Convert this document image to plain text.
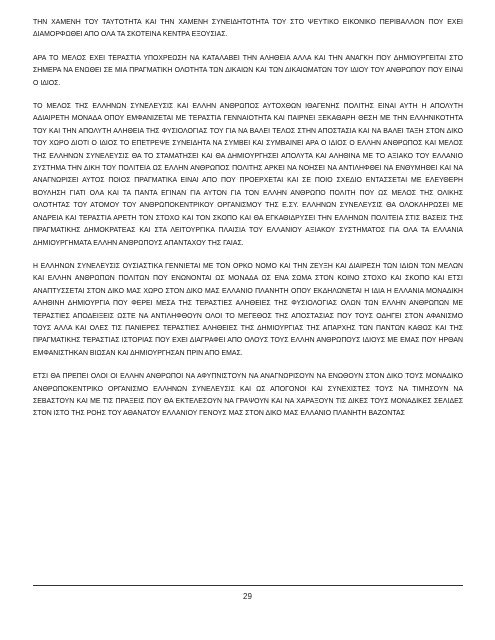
ΤΗΝ ΧΑΜΕΝΗ ΤΟΥ ΤΑΥΤΟΤΗΤΑ ΚΑΙ ΤΗΝ ΧΑΜΕΝΗ ΣΥΝΕΙΔΗΤΟΤΗΤΑ ΤΟΥ ΣΤΟ ΨΕΥΤΙΚΟ ΕΙΚΟΝΙΚΟ ΠΕΡΙΒΑΛΛΟΝ ΠΟΥ ΕΧΕΙ ΔΙΑΜΟΡΦΩΘΕΙ ΑΠΟ ΟΛΑ ΤΑ ΣΚΟΤΕΙΝΑ ΚΕΝΤΡΑ ΕΞΟΥΣΙΑΣ.

ΑΡΑ ΤΟ ΜΕΛΟΣ ΕΧΕΙ ΤΕΡΑΣΤΙΑ ΥΠΟΧΡΕΩΣΗ ΝΑ ΚΑΤΑΛΑΒΕΙ ΤΗΝ ΑΛΗΘΕΙΑ ΑΛΛΑ ΚΑΙ ΤΗΝ ΑΝΑΓΚΗ ΠΟΥ ΔΗΜΙΟΥΡΓΕΙΤΑΙ ΣΤΟ ΣΗΜΕΡΑ ΝΑ ΕΝΩΘΕΙ ΣΕ ΜΙΑ ΠΡΑΓΜΑΤΙΚΗ ΟΛΟΤΗΤΑ ΤΩΝ ΔΙΚΑΙΩΝ ΚΑΙ ΤΩΝ ΔΙΚΑΙΩΜΑΤΩΝ ΤΟΥ ΙΔΙΟΥ ΤΟΥ ΑΝΘΡΩΠΟΥ ΠΟΥ ΕΙΝΑΙ Ο ΙΔΙΟΣ.

ΤΟ ΜΕΛΟΣ ΤΗΣ ΕΛΛΗΝΩΝ ΣΥΝΕΛΕΥΣΙΣ ΚΑΙ ΕΛΛΗΝ ΑΝΘΡΩΠΟΣ ΑΥΤΟΧΘΩΝ ΙΘΑΓΕΝΗΣ ΠΟΛΙΤΗΣ ΕΙΝΑΙ ΑΥΤΗ Η ΑΠΟΛΥΤΗ ΑΔΙΑΙΡΕΤΗ ΜΟΝΑΔΑ ΟΠΟΥ ΕΜΦΑΝΙΖΕΤΑΙ ΜΕ ΤΕΡΑΣΤΙΑ ΓΕΝΝΑΙΟΤΗΤΑ ΚΑΙ ΠΑΙΡΝΕΙ ΞΕΚΑΘΑΡΗ ΘΕΣΗ ΜΕ ΤΗΝ ΕΛΛΗΝΙΚΟΤΗΤΑ ΤΟΥ ΚΑΙ ΤΗΝ ΑΠΟΛΥΤΗ ΑΛΗΘΕΙΑ ΤΗΣ ΦΥΣΙΟΛΟΓΙΑΣ ΤΟΥ ΓΙΑ ΝΑ ΒΑΛΕΙ ΤΕΛΟΣ ΣΤΗΝ ΑΠΟΣΤΑΣΙΑ ΚΑΙ ΝΑ ΒΑΛΕΙ ΤΑΞΗ ΣΤΟΝ ΔΙΚΟ ΤΟΥ ΧΩΡΟ ΔΙΟΤΙ Ο ΙΔΙΟΣ ΤΟ ΕΠΕΤΡΕΨΕ ΣΥΝΕΙΔΗΤΑ ΝΑ ΣΥΜΒΕΙ ΚΑΙ ΣΥΜΒΑΙΝΕΙ ΑΡΑ Ο ΙΔΙΟΣ Ο ΕΛΛΗΝ ΑΝΘΡΩΠΟΣ ΚΑΙ ΜΕΛΟΣ ΤΗΣ ΕΛΛΗΝΩΝ ΣΥΝΕΛΕΥΣΙΣ ΘΑ ΤΟ ΣΤΑΜΑΤΗΣΕΙ ΚΑΙ ΘΑ ΔΗΜΙΟΥΡΓΗΣΕΙ ΑΠΟΛΥΤΑ ΚΑΙ ΑΛΗΘΙΝΑ ΜΕ ΤΟ ΑΞΙΑΚΟ ΤΟΥ ΕΛΛΑΝΙΟ ΣΥΣΤΗΜΑ ΤΗΝ ΔΙΚΗ ΤΟΥ ΠΟΛΙΤΕΙΑ ΩΣ ΕΛΛΗΝ ΑΝΘΡΩΠΟΣ ΠΟΛΙΤΗΣ ΑΡΚΕΙ ΝΑ ΝΟΗΣΕΙ ΝΑ ΑΝΤΙΛΗΦΘΕΙ ΝΑ ΕΝΘΥΜΗΘΕΙ ΚΑΙ ΝΑ ΑΝΑΓΝΩΡΙΣΕΙ ΑΥΤΟΣ ΠΟΙΟΣ ΠΡΑΓΜΑΤΙΚΑ ΕΙΝΑΙ ΑΠΟ ΠΟΥ ΠΡΟΕΡΧΕΤΑΙ ΚΑΙ ΣΕ ΠΟΙΟ ΣΧΕΔΙΟ ΕΝΤΑΣΣΕΤΑΙ ΜΕ ΕΛΕΥΘΕΡΗ ΒΟΥΛΗΣΗ ΓΙΑΤΙ ΟΛΑ ΚΑΙ ΤΑ ΠΑΝΤΑ ΕΓΙΝΑΝ ΓΙΑ ΑΥΤΟΝ ΓΙΑ ΤΟΝ ΕΛΛΗΝ ΑΝΘΡΩΠΟ ΠΟΛΙΤΗ ΠΟΥ ΩΣ ΜΕΛΟΣ ΤΗΣ ΟΛΙΚΗΣ ΟΛΟΤΗΤΑΣ ΤΟΥ ΑΤΟΜΟΥ ΤΟΥ ΑΝΘΡΩΠΟΚΕΝΤΡΙΚΟΥ ΟΡΓΑΝΙΣΜΟΥ ΤΗΣ Ε.ΣΥ. ΕΛΛΗΝΩΝ ΣΥΝΕΛΕΥΣΙΣ ΘΑ ΟΛΟΚΛΗΡΩΣΕΙ ΜΕ ΑΝΔΡΕΙΑ ΚΑΙ ΤΕΡΑΣΤΙΑ ΑΡΕΤΗ ΤΟΝ ΣΤΟΧΟ ΚΑΙ ΤΟΝ ΣΚΟΠΟ ΚΑΙ ΘΑ ΕΓΚΑΘΙΔΡΥΣΕΙ ΤΗΝ ΕΛΛΗΝΩΝ ΠΟΛΙΤΕΙΑ ΣΤΙΣ ΒΑΣΕΙΣ ΤΗΣ ΠΡΑΓΜΑΤΙΚΗΣ ΔΗΜΟΚΡΑΤΕΑΣ ΚΑΙ ΣΤΑ ΛΕΙΤΟΥΡΓΙΚΑ ΠΛΑΙΣΙΑ ΤΟΥ ΕΛΛΑΝΙΟΥ ΑΞΙΑΚΟΥ ΣΥΣΤΗΜΑΤΟΣ ΓΙΑ ΟΛΑ ΤΑ ΕΛΛΑΝΙΑ ΔΗΜΙΟΥΡΓΗΜΑΤΑ ΕΛΛΗΝ ΑΝΘΡΩΠΟΥΣ ΑΠΑΝΤΑΧΟΥ ΤΗΣ ΓΑΙΑΣ.

Η ΕΛΛΗΝΩΝ ΣΥΝΕΛΕΥΣΙΣ ΟΥΣΙΑΣΤΙΚΑ ΓΕΝΝΙΕΤΑΙ ΜΕ ΤΟΝ ΟΡΚΟ ΝΟΜΟ ΚΑΙ ΤΗΝ ΖΕΥΞΗ ΚΑΙ ΔΙΑΙΡΕΣΗ ΤΩΝ ΙΔΙΩΝ ΤΩΝ ΜΕΛΩΝ ΚΑΙ ΕΛΛΗΝ ΑΝΘΡΩΠΩΝ ΠΟΛΙΤΩΝ ΠΟΥ ΕΝΩΝΟΝΤΑΙ ΩΣ ΜΟΝΑΔΑ ΩΣ ΕΝΑ ΣΩΜΑ ΣΤΟΝ ΚΟΙΝΟ ΣΤΟΧΟ ΚΑΙ ΣΚΟΠΟ ΚΑΙ ΕΤΣΙ ΑΝΑΠΤΥΣΣΕΤΑΙ ΣΤΟΝ ΔΙΚΟ ΜΑΣ ΧΩΡΟ ΣΤΟΝ ΔΙΚΟ ΜΑΣ ΕΛΛΑΝΙΟ ΠΛΑΝΗΤΗ ΟΠΟΥ ΕΚΔΗΛΩΝΕΤΑΙ Η ΙΔΙΑ Η ΕΛΛΑΝΙΑ ΜΟΝΑΔΙΚΗ ΑΛΗΘΙΝΗ ΔΗΜΙΟΥΡΓΙΑ ΠΟΥ ΦΕΡΕΙ ΜΕΣΑ ΤΗΣ ΤΕΡΑΣΤΙΕΣ ΑΛΗΘΕΙΕΣ ΤΗΣ ΦΥΣΙΟΛΟΓΙΑΣ ΟΛΩΝ ΤΩΝ ΕΛΛΗΝ ΑΝΘΡΩΠΩΝ ΜΕ ΤΕΡΑΣΤΙΕΣ ΑΠΟΔΕΙΞΕΙΣ ΩΣΤΕ ΝΑ ΑΝΤΙΛΗΦΘΟΥΝ ΟΛΟΙ ΤΟ ΜΕΓΕΘΟΣ ΤΗΣ ΑΠΟΣΤΑΣΙΑΣ ΠΟΥ ΤΟΥΣ ΟΔΗΓΕΙ ΣΤΟΝ ΑΦΑΝΙΣΜΟ ΤΟΥΣ ΑΛΛΑ ΚΑΙ ΟΛΕΣ ΤΙΣ ΠΑΝΙΕΡΕΣ ΤΕΡΑΣΤΙΕΣ ΑΛΗΘΕΙΕΣ ΤΗΣ ΔΗΜΙΟΥΡΓΙΑΣ ΤΗΣ ΑΠΑΡΧΗΣ ΤΩΝ ΠΑΝΤΩΝ ΚΑΘΩΣ ΚΑΙ ΤΗΣ ΠΡΑΓΜΑΤΙΚΗΣ ΤΕΡΑΣΤΙΑΣ ΙΣΤΟΡΙΑΣ ΠΟΥ ΕΧΕΙ ΔΙΑΓΡΑΦΕΙ ΑΠΟ ΟΛΟΥΣ ΤΟΥΣ ΕΛΛΗΝ ΑΝΘΡΩΠΟΥΣ ΙΔΙΟΥΣ ΜΕ ΕΜΑΣ ΠΟΥ ΗΡΘΑΝ ΕΜΦΑΝΙΣΤΗΚΑΝ ΒΙΩΣΑΝ ΚΑΙ ΔΗΜΙΟΥΡΓΗΣΑΝ ΠΡΙΝ ΑΠΟ ΕΜΑΣ.

ΕΤΣΙ ΘΑ ΠΡΕΠΕΙ ΟΛΟΙ ΟΙ ΕΛΛΗΝ ΑΝΘΡΩΠΟΙ ΝΑ ΑΦΥΠΝΙΣΤΟΥΝ ΝΑ ΑΝΑΓΝΩΡΙΣΟΥΝ ΝΑ ΕΝΩΘΟΥΝ ΣΤΟΝ ΔΙΚΟ ΤΟΥΣ ΜΟΝΑΔΙΚΟ ΑΝΘΡΩΠΟΚΕΝΤΡΙΚΟ ΟΡΓΑΝΙΣΜΟ ΕΛΛΗΝΩΝ ΣΥΝΕΛΕΥΣΙΣ ΚΑΙ ΩΣ ΑΠΟΓΟΝΟΙ ΚΑΙ ΣΥΝΕΧΙΣΤΕΣ ΤΟΥΣ ΝΑ ΤΙΜΗΣΟΥΝ ΝΑ ΣΕΒΑΣΤΟΥΝ ΚΑΙ ΜΕ ΤΙΣ ΠΡΑΞΕΙΣ ΠΟΥ ΘΑ ΕΚΤΕΛΕΣΟΥΝ ΝΑ ΓΡΑΨΟΥΝ ΚΑΙ ΝΑ ΧΑΡΑΞΟΥΝ ΤΙΣ ΔΙΚΕΣ ΤΟΥΣ ΜΟΝΑΔΙΚΕΣ ΣΕΛΙΔΕΣ ΣΤΟΝ ΙΣΤΟ ΤΗΣ ΡΟΗΣ ΤΟΥ ΑΘΑΝΑΤΟΥ ΕΛΛΑΝΙΟΥ ΓΕΝΟΥΣ ΜΑΣ ΣΤΟΝ ΔΙΚΟ ΜΑΣ ΕΛΛΑΝΙΟ ΠΛΑΝΗΤΗ ΒΑΖΟΝΤΑΣ

29
